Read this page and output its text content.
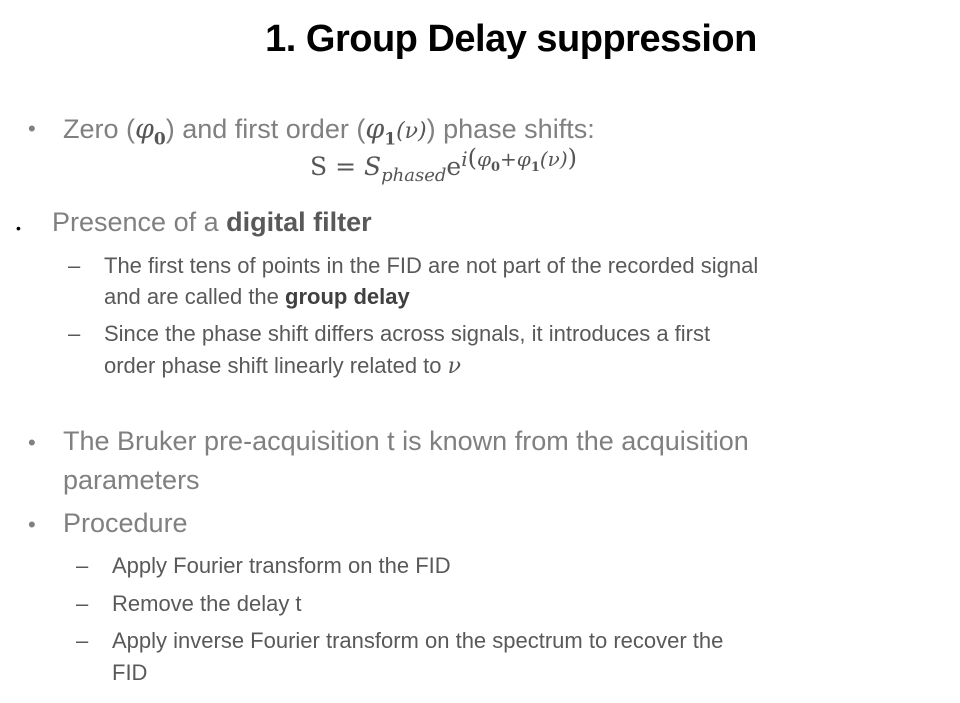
1. Group Delay suppression
• Zero $(\varphi_0)$ and first order $(\varphi_1(\nu))$ phase shifts:
$S = S_{phased}e^{i(\varphi_0+\varphi_1(\nu))}$
• Presence of a digital filter
– The first tens of points in the FID are not part of the recorded signal
and are called the group delay
– Since the phase shift differs across signals, it introduces a first
order phase shift linearly related to ν
• The Bruker pre-acquisition t is known from the acquisition
parameters
• Procedure
– Apply Fourier transform on the FID
– Remove the delay t
– Apply inverse Fourier transform on the spectrum to recover the
FID
